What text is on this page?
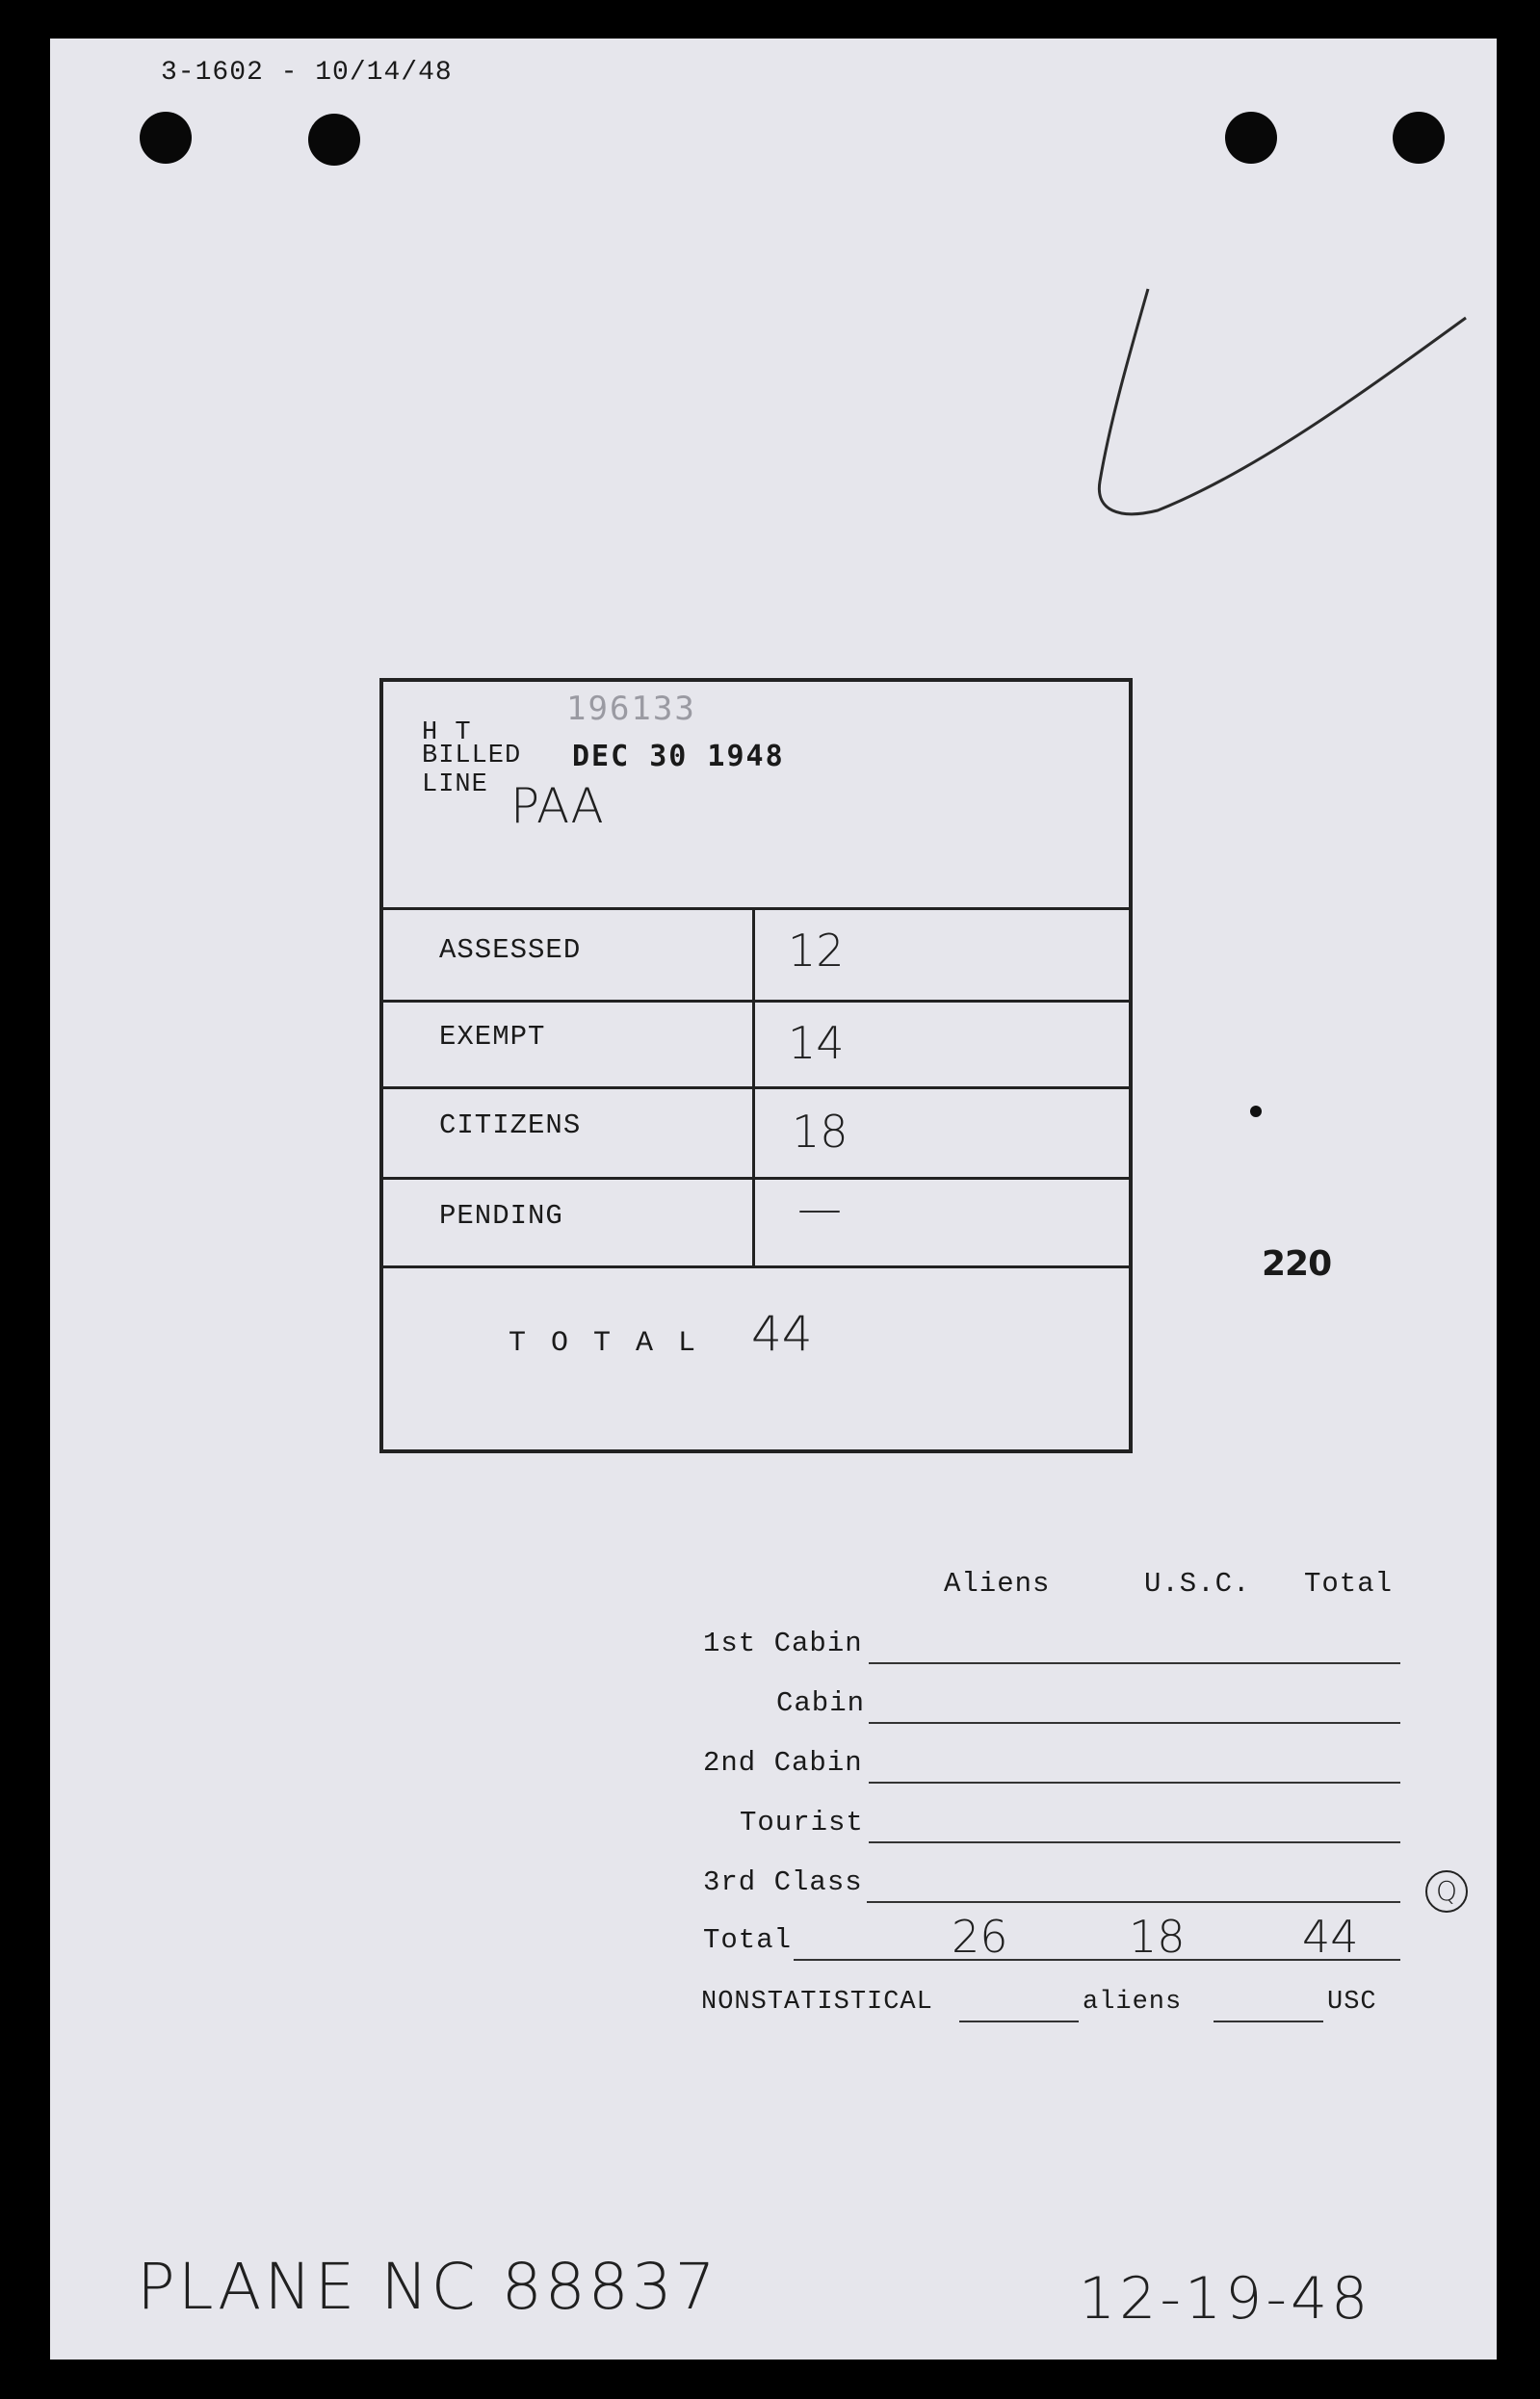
3-1602 - 10/14/48
H T
196133
BILLED DEC 30 1948
LINE PAA
ASSESSED	12
EXEMPT	14
CITIZENS	18
PENDING	—
T O T A L 44
220
Aliens	U.S.C. Total
1st Cabin
Cabin
2nd Cabin
Tourist
3rd Class
Total	26	18	44
Q
NONSTATISTICAL	aliens	USC
PLANE NC 88837	12-19-48
